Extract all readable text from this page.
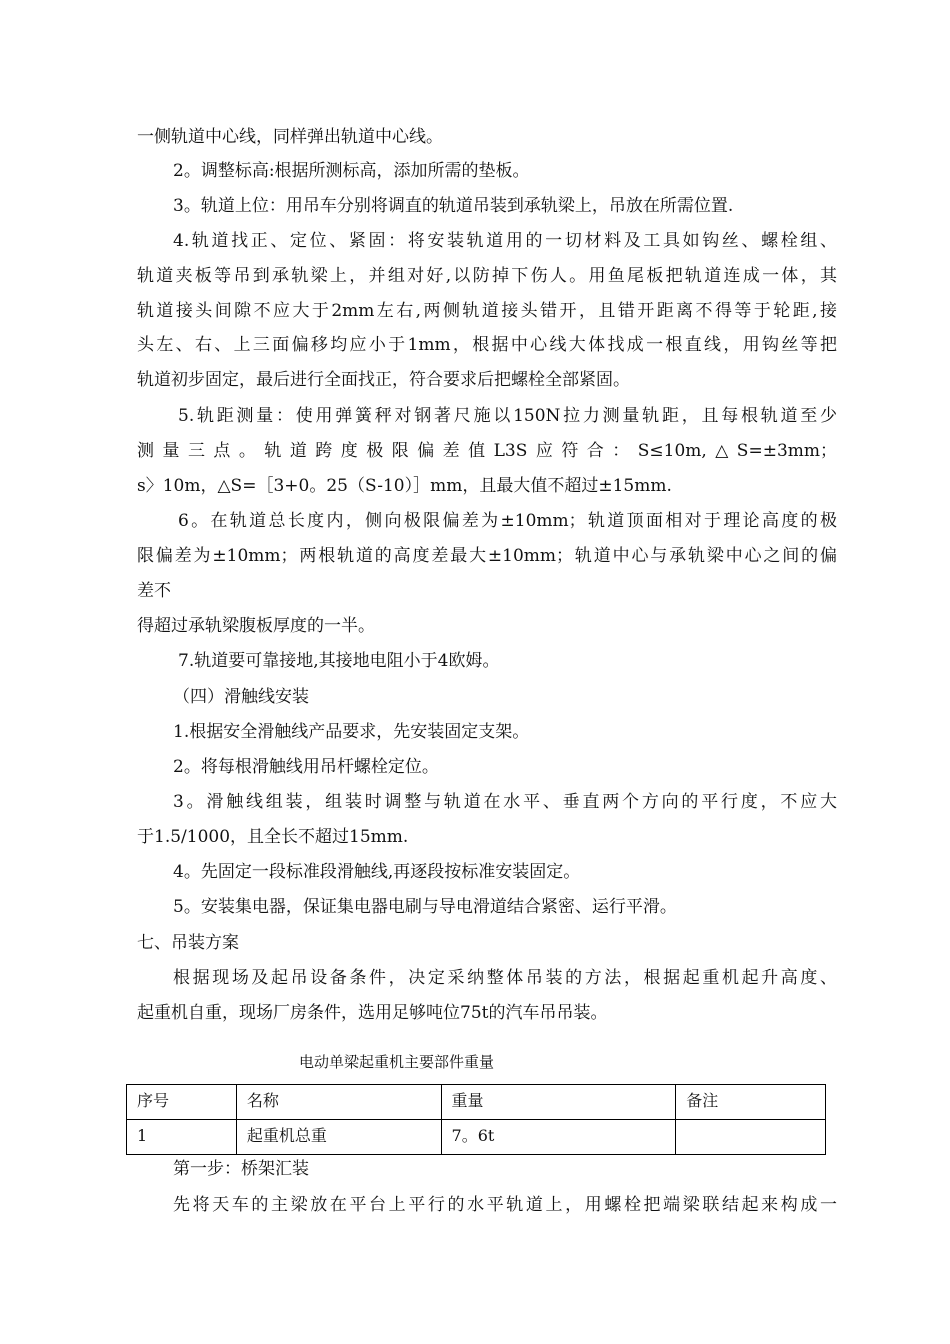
一侧轨道中心线，同样弹出轨道中心线。
2。调整标高:根据所测标高，添加所需的垫板。
3。轨道上位：用吊车分别将调直的轨道吊装到承轨梁上，吊放在所需位置.
4.轨道找正、定位、紧固：将安装轨道用的一切材料及工具如钩丝、螺栓组、
轨道夹板等吊到承轨梁上，并组对好,以防掉下伤人。用鱼尾板把轨道连成一体，其
轨道接头间隙不应大于2mm左右,两侧轨道接头错开，且错开距离不得等于轮距,接
头左、右、上三面偏移均应小于1mm，根据中心线大体找成一根直线，用钩丝等把
轨道初步固定，最后进行全面找正，符合要求后把螺栓全部紧固。
5.轨距测量：使用弹簧秤对钢著尺施以150N拉力测量轨距，且每根轨道至少
测量三点。轨道跨度极限偏差值L3S应符合：S≤10m,△S=±3mm；
s〉10m，△S=［3+0。25（S-10）］mm，且最大值不超过±15mm.
6。在轨道总长度内，侧向极限偏差为±10mm；轨道顶面相对于理论高度的极
限偏差为±10mm；两根轨道的高度差最大±10mm；轨道中心与承轨梁中心之间的偏
差不
得超过承轨梁腹板厚度的一半。
7.轨道要可靠接地,其接地电阻小于4欧姆。
（四）滑触线安装
1.根据安全滑触线产品要求，先安装固定支架。
2。将每根滑触线用吊杆螺栓定位。
3。滑触线组装，组装时调整与轨道在水平、垂直两个方向的平行度，不应大
于1.5/1000，且全长不超过15mm.
4。先固定一段标准段滑触线,再逐段按标准安装固定。
5。安装集电器，保证集电器电刷与导电滑道结合紧密、运行平滑。
七、吊装方案
根据现场及起吊设备条件，决定采纳整体吊装的方法，根据起重机起升高度、
起重机自重，现场厂房条件，选用足够吨位75t的汽车吊吊装。
电动单梁起重机主要部件重量
序号	名称	重量	备注
1	起重机总重	7。6t	
第一步：桥架汇装
先将天车的主梁放在平台上平行的水平轨道上，用螺栓把端梁联结起来构成一
